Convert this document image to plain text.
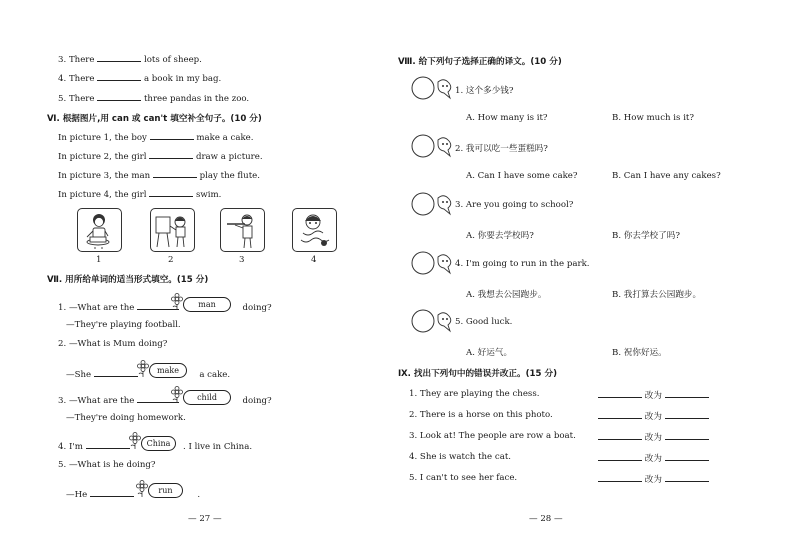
3. There	lots of sheep.
4. There	a book in my bag.
5. There	three pandas in the zoo.
Ⅵ. 根据图片,用 can 或 can't 填空补全句子。(10 分)
In picture 1, the boy	make a cake.
In picture 2, the girl	draw a picture.
In picture 3, the man	play the flute.
In picture 4, the girl	swim.
1	2	3	4
Ⅶ. 用所给单词的适当形式填空。(15 分)
1. —What are the	doing?
man
—They're playing football.
2. —What is Mum doing?
—She	a cake.
make
3. —What are the	doing?
child
—They're doing homework.
4. I'm	. I live in China.
China
5. —What is he doing?
—He	.
run
— 27 —
Ⅷ. 给下列句子选择正确的译文。(10 分)
1. 这个多少钱?
A. How many is it?	B. How much is it?
2. 我可以吃一些蛋糕吗?
A. Can I have some cake?	B. Can I have any cakes?
3. Are you going to school?
A. 你要去学校吗?	B. 你去学校了吗?
4. I'm going to run in the park.
A. 我想去公园跑步。	B. 我打算去公园跑步。
5. Good luck.
A. 好运气。	B. 祝你好运。
Ⅸ. 找出下列句中的错误并改正。(15 分)
1. They are playing the chess.	改为
2. There is a horse on this photo.	改为
3. Look at! The people are row a boat.	改为
4. She is watch the cat.	改为
5. I can't to see her face.	改为
— 28 —
